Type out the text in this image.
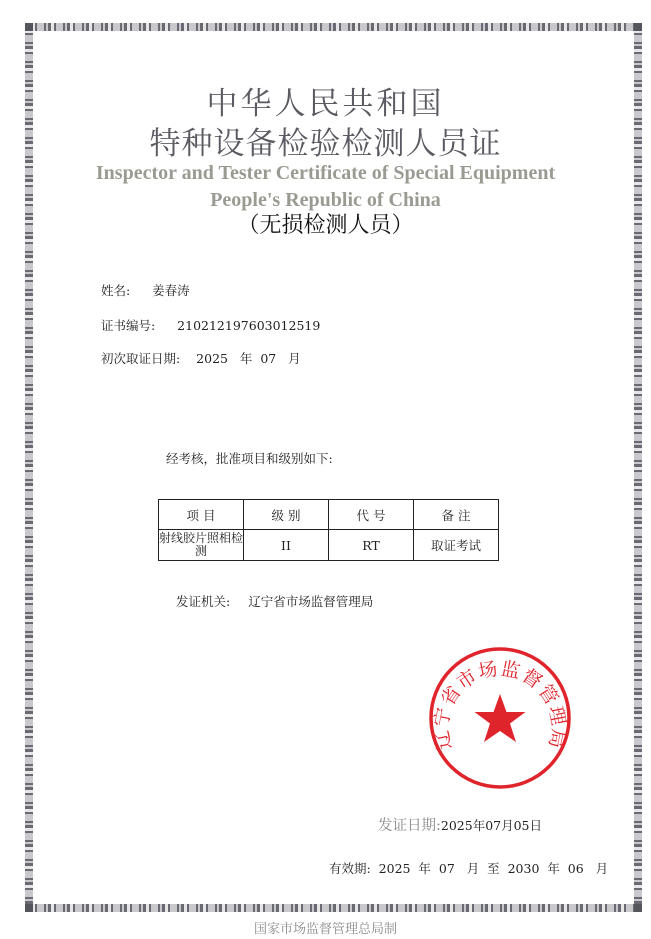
中华人民共和国
特种设备检验检测人员证
Inspector and Tester Certificate of Special Equipment
People's Republic of China
（无损检测人员）

姓名: 姜春涛

证书编号: 210212197603012519

初次取证日期: 2025   年  07   月

经考核，批准项目和级别如下:
项 目	级 别	代 号	备 注
射线胶片照相检测	II	RT	取证考试
发证机关: 辽宁省市场监督管理局
辽宁省市场监督管理局
发证日期:2025年07月05日
有效期:  2025  年  07   月  至  2030  年  06   月
国家市场监督管理总局制
